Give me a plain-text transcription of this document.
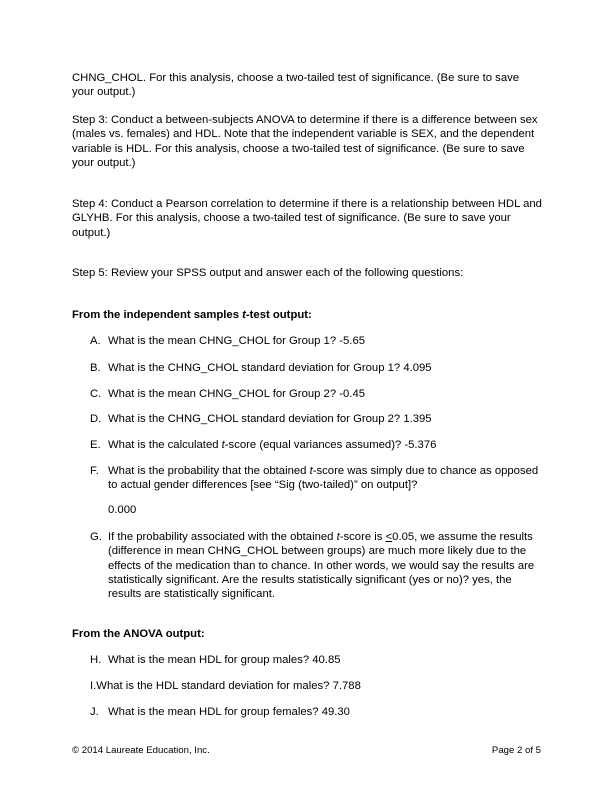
CHNG_CHOL. For this analysis, choose a two-tailed test of significance. (Be sure to save your output.)

Step 3: Conduct a between-subjects ANOVA to determine if there is a difference between sex (males vs. females) and HDL. Note that the independent variable is SEX, and the dependent variable is HDL. For this analysis, choose a two-tailed test of significance. (Be sure to save your output.)

Step 4: Conduct a Pearson correlation to determine if there is a relationship between HDL and GLYHB. For this analysis, choose a two-tailed test of significance. (Be sure to save your output.)

Step 5: Review your SPSS output and answer each of the following questions:

From the independent samples t-test output:

A. What is the mean CHNG_CHOL for Group 1? -5.65
B. What is the CHNG_CHOL standard deviation for Group 1? 4.095
C. What is the mean CHNG_CHOL for Group 2? -0.45
D. What is the CHNG_CHOL standard deviation for Group 2? 1.395
E. What is the calculated t-score (equal variances assumed)? -5.376
F. What is the probability that the obtained t-score was simply due to chance as opposed to actual gender differences [see “Sig (two-tailed)” on output]?
0.000
G. If the probability associated with the obtained t-score is ≤0.05, we assume the results (difference in mean CHNG_CHOL between groups) are much more likely due to the effects of the medication than to chance. In other words, we would say the results are statistically significant. Are the results statistically significant (yes or no)? yes, the results are statistically significant.

From the ANOVA output:

H. What is the mean HDL for group males? 40.85
I.What is the HDL standard deviation for males? 7.788
J. What is the mean HDL for group females? 49.30
© 2014 Laureate Education, Inc.	Page 2 of 5
